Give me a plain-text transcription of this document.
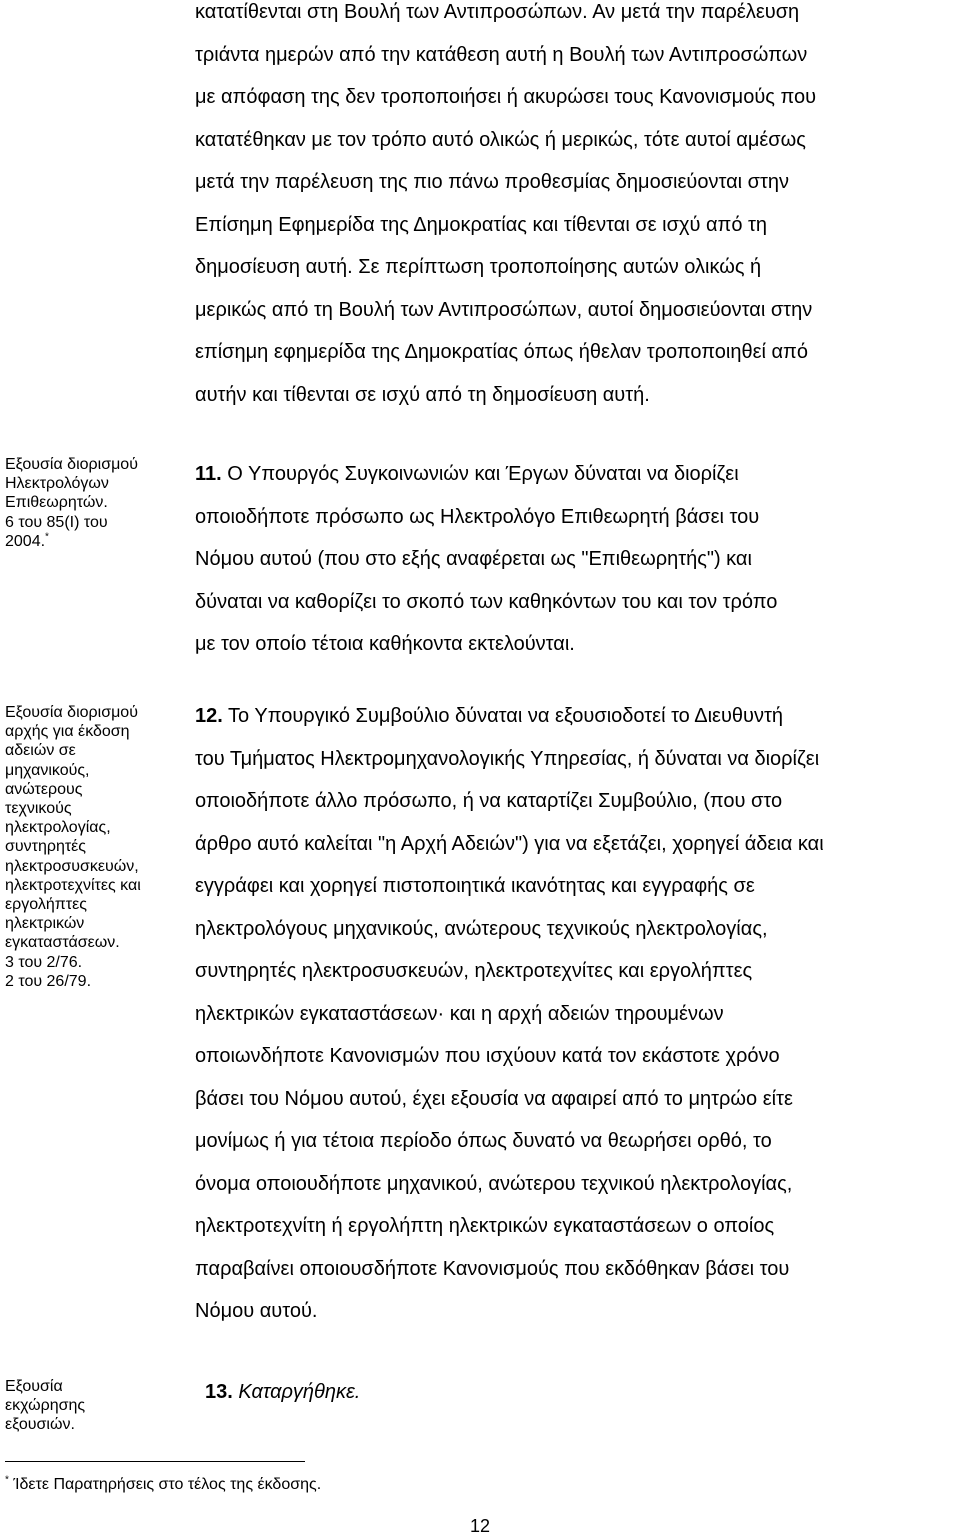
κατατίθενται στη Βουλή των Αντιπροσώπων. Αν μετά την παρέλευση
τριάντα ημερών από την κατάθεση αυτή η Βουλή των Αντιπροσώπων
με απόφαση της δεν τροποποιήσει ή ακυρώσει τους Κανονισμούς που
κατατέθηκαν με τον τρόπο αυτό ολικώς ή μερικώς, τότε αυτοί αμέσως
μετά την παρέλευση της πιο πάνω προθεσμίας δημοσιεύονται στην
Επίσημη Εφημερίδα της Δημοκρατίας και τίθενται σε ισχύ από τη
δημοσίευση αυτή. Σε περίπτωση τροποποίησης αυτών ολικώς ή
μερικώς από τη Βουλή των Αντιπροσώπων, αυτοί δημοσιεύονται στην
επίσημη εφημερίδα της Δημοκρατίας όπως ήθελαν τροποποιηθεί από
αυτήν και τίθενται σε ισχύ από τη δημοσίευση αυτή.
Εξουσία διορισμού
Ηλεκτρολόγων
Επιθεωρητών.
6 του 85(Ι) του
2004.*
11. Ο Υπουργός Συγκοινωνιών και Έργων δύναται να διορίζει
οποιοδήποτε πρόσωπο ως Ηλεκτρολόγο Επιθεωρητή βάσει του
Νόμου αυτού (που στο εξής αναφέρεται ως "Επιθεωρητής") και
δύναται να καθορίζει το σκοπό των καθηκόντων του και τον τρόπο
με τον οποίο τέτοια καθήκοντα εκτελούνται.
Εξουσία διορισμού
αρχής για έκδοση
αδειών σε
μηχανικούς,
ανώτερους
τεχνικούς
ηλεκτρολογίας,
συντηρητές
ηλεκτροσυσκευών,
ηλεκτροτεχνίτες και
εργολήπτες
ηλεκτρικών
εγκαταστάσεων.
3 του 2/76.
2 του 26/79.
12. Το Υπουργικό Συμβούλιο δύναται να εξουσιοδοτεί το Διευθυντή
του Τμήματος Ηλεκτρομηχανολογικής Υπηρεσίας, ή δύναται να διορίζει
οποιοδήποτε άλλο πρόσωπο, ή να καταρτίζει Συμβούλιο, (που στο
άρθρο αυτό καλείται "η Αρχή Αδειών") για να εξετάζει, χορηγεί άδεια και
εγγράφει και χορηγεί πιστοποιητικά ικανότητας και εγγραφής σε
ηλεκτρολόγους μηχανικούς, ανώτερους τεχνικούς ηλεκτρολογίας,
συντηρητές ηλεκτροσυσκευών, ηλεκτροτεχνίτες και εργολήπτες
ηλεκτρικών εγκαταστάσεων· και η αρχή αδειών τηρουμένων
οποιωνδήποτε Κανονισμών που ισχύουν κατά τον εκάστοτε χρόνο
βάσει του Νόμου αυτού, έχει εξουσία να αφαιρεί από το μητρώο είτε
μονίμως ή για τέτοια περίοδο όπως δυνατό να θεωρήσει ορθό, το
όνομα οποιουδήποτε μηχανικού, ανώτερου τεχνικού ηλεκτρολογίας,
ηλεκτροτεχνίτη ή εργολήπτη ηλεκτρικών εγκαταστάσεων ο οποίος
παραβαίνει οποιουσδήποτε Κανονισμούς που εκδόθηκαν βάσει του
Νόμου αυτού.
Εξουσία
εκχώρησης
εξουσιών.
13. Καταργήθηκε.
* Ίδετε Παρατηρήσεις στο τέλος της έκδοσης.
12
